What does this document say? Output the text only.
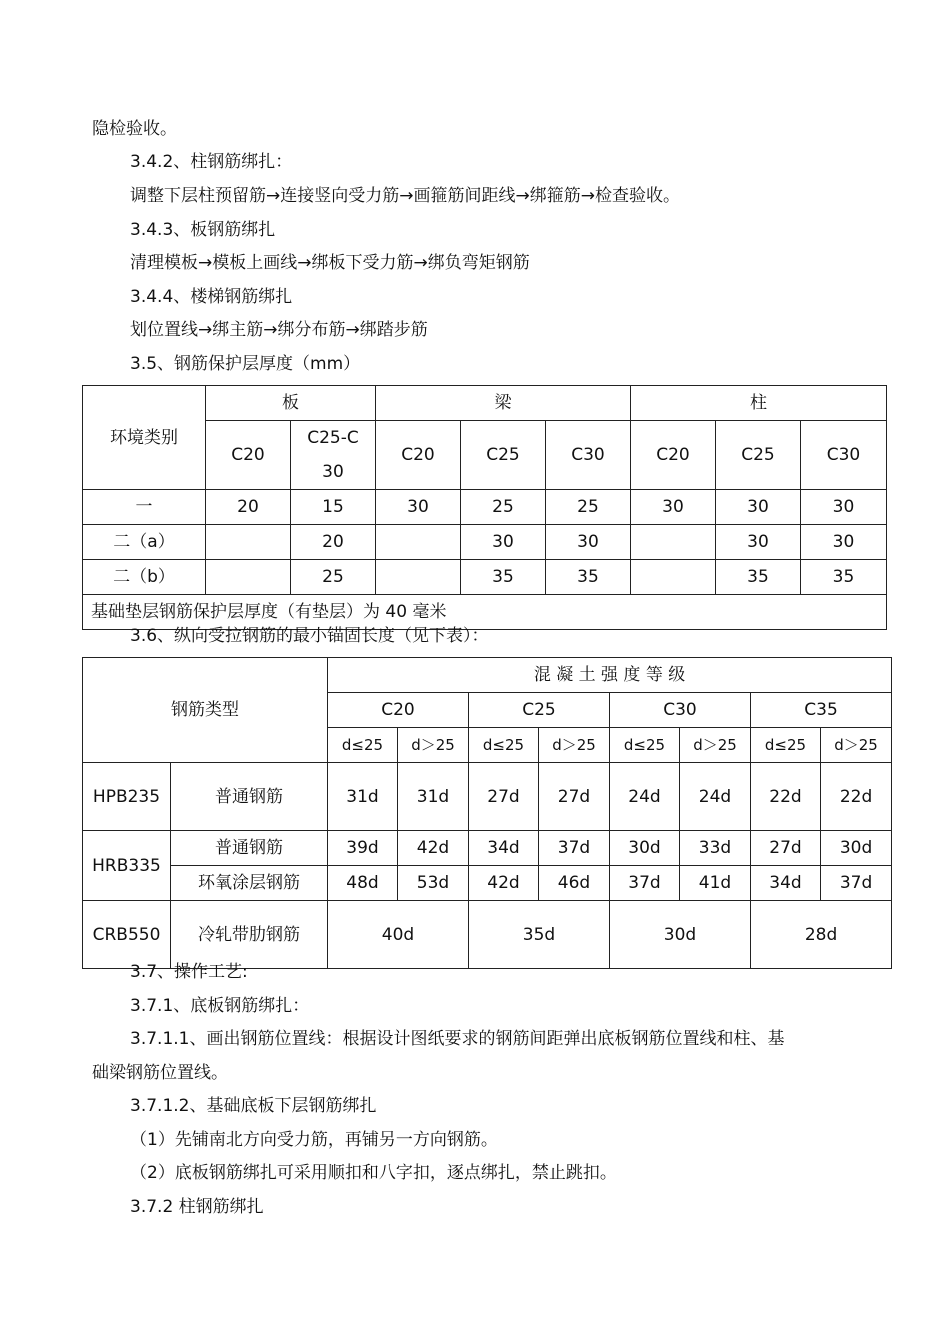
隐检验收。
3.4.2、柱钢筋绑扎：
调整下层柱预留筋→连接竖向受力筋→画箍筋间距线→绑箍筋→检查验收。
3.4.3、板钢筋绑扎
清理模板→模板上画线→绑板下受力筋→绑负弯矩钢筋
3.4.4、楼梯钢筋绑扎
划位置线→绑主筋→绑分布筋→绑踏步筋
3.5、钢筋保护层厚度（mm）
环境类别	板		梁			柱		
	C20	C25-C30	C20	C25	C30	C20	C25	C30
一	20	15	30	25	25	30	30	30
二（a）		20		30	30		30	30
二（b）		25		35	35		35	35
基础垫层钢筋保护层厚度（有垫层）为 40 毫米								
3.6、纵向受拉钢筋的最小锚固长度（见下表）：
钢筋类型		混 凝 土 强 度 等 级							
		C20		C25		C30		C35	
		d≤25	d＞25	d≤25	d＞25	d≤25	d＞25	d≤25	d＞25
HPB235	普通钢筋	31d	31d	27d	27d	24d	24d	22d	22d
HRB335	普通钢筋	39d	42d	34d	37d	30d	33d	27d	30d
	环氧涂层钢筋	48d	53d	42d	46d	37d	41d	34d	37d
CRB550	冷轧带肋钢筋	40d		35d		30d		28d	
3.7、操作工艺:
3.7.1、底板钢筋绑扎：
3.7.1.1、画出钢筋位置线：根据设计图纸要求的钢筋间距弹出底板钢筋位置线和柱、基
础梁钢筋位置线。
3.7.1.2、基础底板下层钢筋绑扎
（1）先铺南北方向受力筋，再铺另一方向钢筋。
（2）底板钢筋绑扎可采用顺扣和八字扣，逐点绑扎，禁止跳扣。
3.7.2 柱钢筋绑扎
